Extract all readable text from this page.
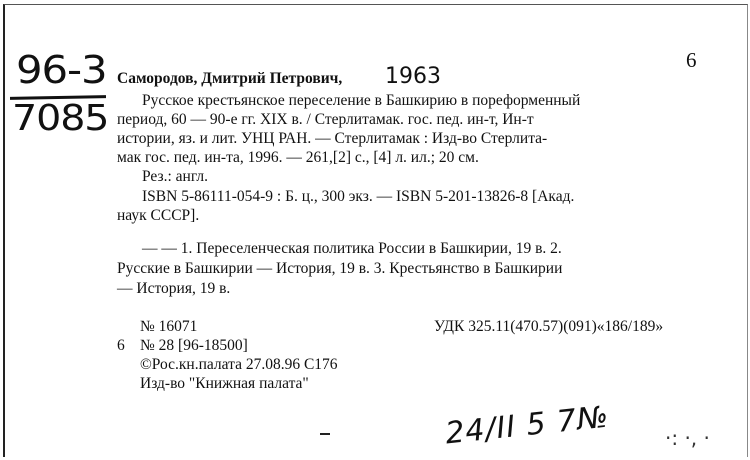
96-3
7085
6
Самородов, Дмитрий Петрович, 1963
Русское крестьянское переселение в Башкирию в пореформенный
период, 60 — 90-е гг. XIX в. / Стерлитамак. гос. пед. ин-т, Ин-т
истории, яз. и лит. УНЦ РАН. — Стерлитамак : Изд-во Стерлита-
мак гос. пед. ин-та, 1996. — 261,[2] с., [4] л. ил.; 20 см.
Рез.: англ.
ISBN 5-86111-054-9 : Б. ц., 300 экз. — ISBN 5-201-13826-8 [Акад.
наук СССР].
— — 1. Переселенческая политика России в Башкирии, 19 в. 2.
Русские в Башкирии — История, 19 в. 3. Крестьянство в Башкирии
— История, 19 в.
№ 16071	УДК 325.11(470.57)(091)«186/189»
6 № 28 [96-18500]
©Рос.кн.палата 27.08.96 С176
Изд-во "Книжная палата"
24/II 5 7№	·: ·, ·
